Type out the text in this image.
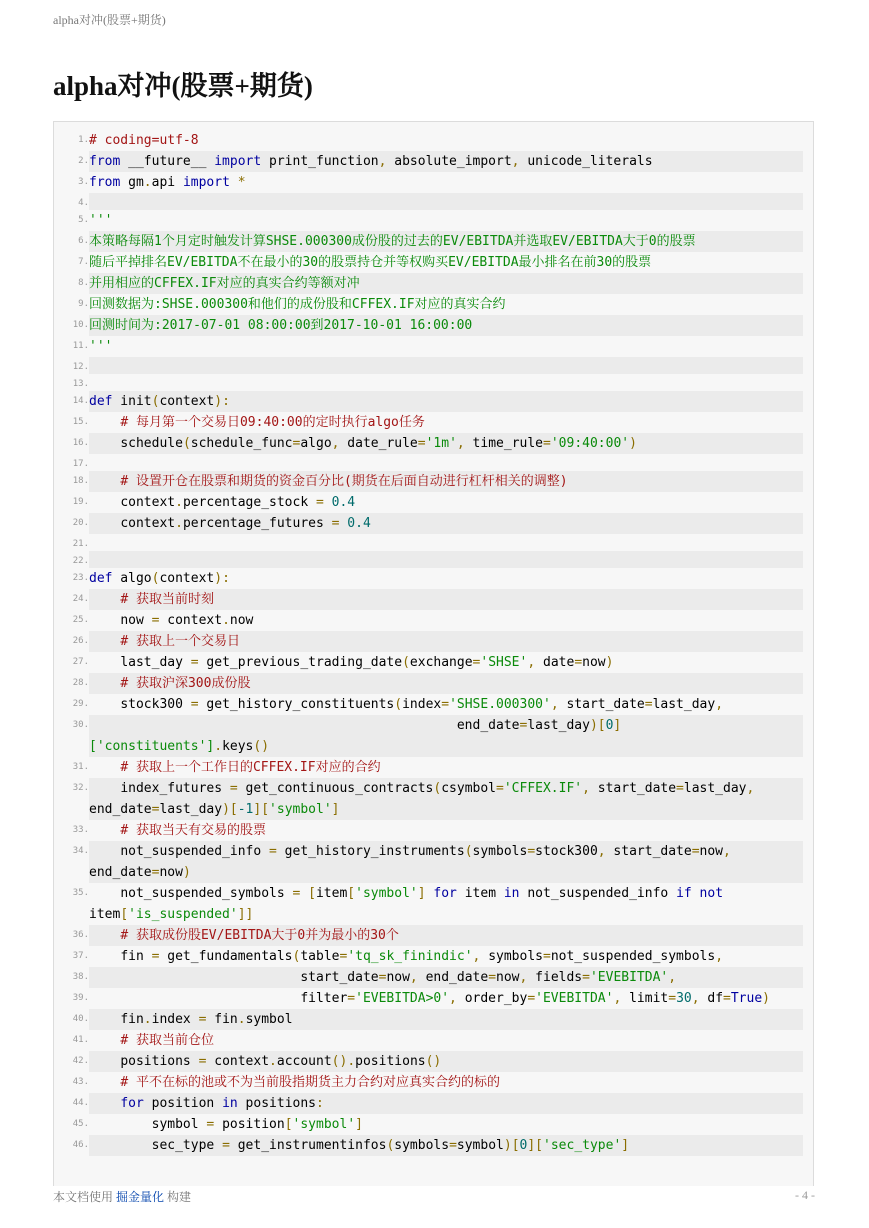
alpha对冲(股票+期货)
alpha对冲(股票+期货)
1. # coding=utf-8
2. from __future__ import print_function, absolute_import, unicode_literals
3. from gm.api import *
4.
5. '''
6. 本策略每隔1个月定时触发计算SHSE.000300成份股的过去的EV/EBITDA并选取EV/EBITDA大于0的股票
7. 随后平掉排名EV/EBITDA不在最小的30的股票持仓并等权购买EV/EBITDA最小排名在前30的股票
8. 并用相应的CFFEX.IF对应的真实合约等额对冲
9. 回测数据为:SHSE.000300和他们的成份股和CFFEX.IF对应的真实合约
10. 回测时间为:2017-07-01 08:00:00到2017-10-01 16:00:00
11. '''
12.
13.
14. def init(context):
15. # 每月第一个交易日09:40:00的定时执行algo任务
16. schedule(schedule_func=algo, date_rule='1m', time_rule='09:40:00')
17.
18. # 设置开仓在股票和期货的资金百分比(期货在后面自动进行杠杆相关的调整)
19. context.percentage_stock = 0.4
20. context.percentage_futures = 0.4
21.
22.
23. def algo(context):
24. # 获取当前时刻
25. now = context.now
26. # 获取上一个交易日
27. last_day = get_previous_trading_date(exchange='SHSE', date=now)
28. # 获取沪深300成份股
29. stock300 = get_history_constituents(index='SHSE.000300', start_date=last_day,
30. end_date=last_day)[0]
['constituents'].keys()
31. # 获取上一个工作日的CFFEX.IF对应的合约
32. index_futures = get_continuous_contracts(csymbol='CFFEX.IF', start_date=last_day,
end_date=last_day)[-1]['symbol']
33. # 获取当天有交易的股票
34. not_suspended_info = get_history_instruments(symbols=stock300, start_date=now,
end_date=now)
35. not_suspended_symbols = [item['symbol'] for item in not_suspended_info if not
item['is_suspended']]
36. # 获取成份股EV/EBITDA大于0并为最小的30个
37. fin = get_fundamentals(table='tq_sk_finindic', symbols=not_suspended_symbols,
38. start_date=now, end_date=now, fields='EVEBITDA',
39. filter='EVEBITDA>0', order_by='EVEBITDA', limit=30, df=True)
40. fin.index = fin.symbol
41. # 获取当前仓位
42. positions = context.account().positions()
43. # 平不在标的池或不为当前股指期货主力合约对应真实合约的标的
44.	for position in positions:
45. symbol = position['symbol']
46. sec_type = get_instrumentinfos(symbols=symbol)[0]['sec_type']
本文档使用 掘金量化 构建	- 4 -
